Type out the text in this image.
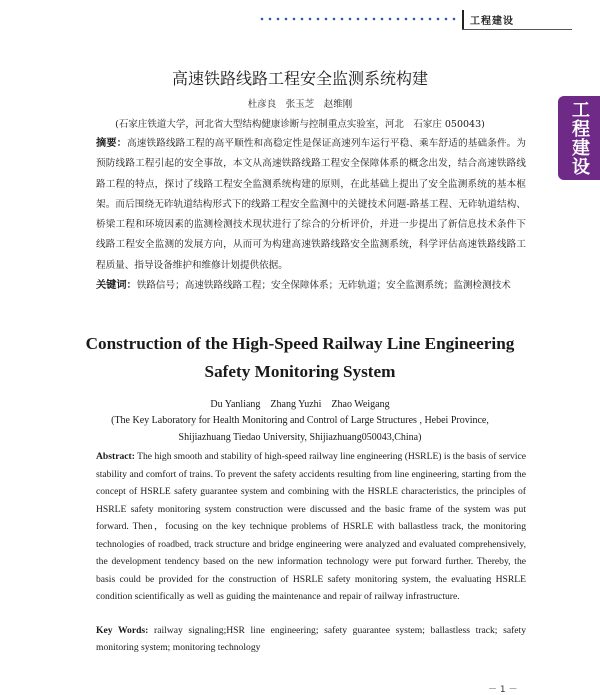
工程建设
工程建设
高速铁路线路工程安全监测系统构建
杜彦良　张玉芝　赵维刚
(石家庄铁道大学，河北省大型结构健康诊断与控制重点实验室，河北　石家庄 050043)
摘要：高速铁路线路工程的高平顺性和高稳定性是保证高速列车运行平稳、乘车舒适的基础条件。为预防线路工程引起的安全事故，本文从高速铁路线路工程安全保障体系的概念出发，结合高速铁路线路工程的特点，探讨了线路工程安全监测系统构建的原则，在此基础上提出了安全监测系统的基本框架。而后围绕无砟轨道结构形式下的线路工程安全监测中的关键技术问题-路基工程、无砟轨道结构、桥梁工程和环境因素的监测检测技术现状进行了综合的分析评价，并进一步提出了新信息技术条件下线路工程安全监测的发展方向，从而可为构建高速铁路线路安全监测系统，科学评估高速铁路线路工程质量、指导设备维护和维修计划提供依据。
关键词：铁路信号；高速铁路线路工程；安全保障体系；无砟轨道；安全监测系统；监测检测技术
Construction of the High-Speed Railway Line Engineering Safety Monitoring System
Du Yanliang　Zhang Yuzhi　Zhao Weigang
(The Key Laboratory for Health Monitoring and Control of Large Structures , Hebei Province, Shijiazhuang Tiedao University, Shijiazhuang050043,China)
Abstract: The high smooth and stability of high-speed railway line engineering (HSRLE) is the basis of service stability and comfort of trains. To prevent the safety accidents resulting from line engineering, starting from the concept of HSRLE safety guarantee system and combining with the HSRLE characteristics, the principles of HSRLE safety monitoring system construction were discussed and the basic frame of the system was put forward. Then，focusing on the key technique problems of HSRLE with ballastless track, the monitoring technologies of roadbed, track structure and bridge engineering were analyzed and evaluated comprehensively, the development tendency based on the new information technology were put forward further. Thereby, the basis could be provided for the construction of HSRLE safety monitoring system, the evaluating HSRLE condition scientifically as well as guiding the maintenance and repair of railway infrastructure.
Key Words: railway signaling;HSR line engineering; safety guarantee system; ballastless track; safety monitoring system; monitoring technology
－ 1 －
